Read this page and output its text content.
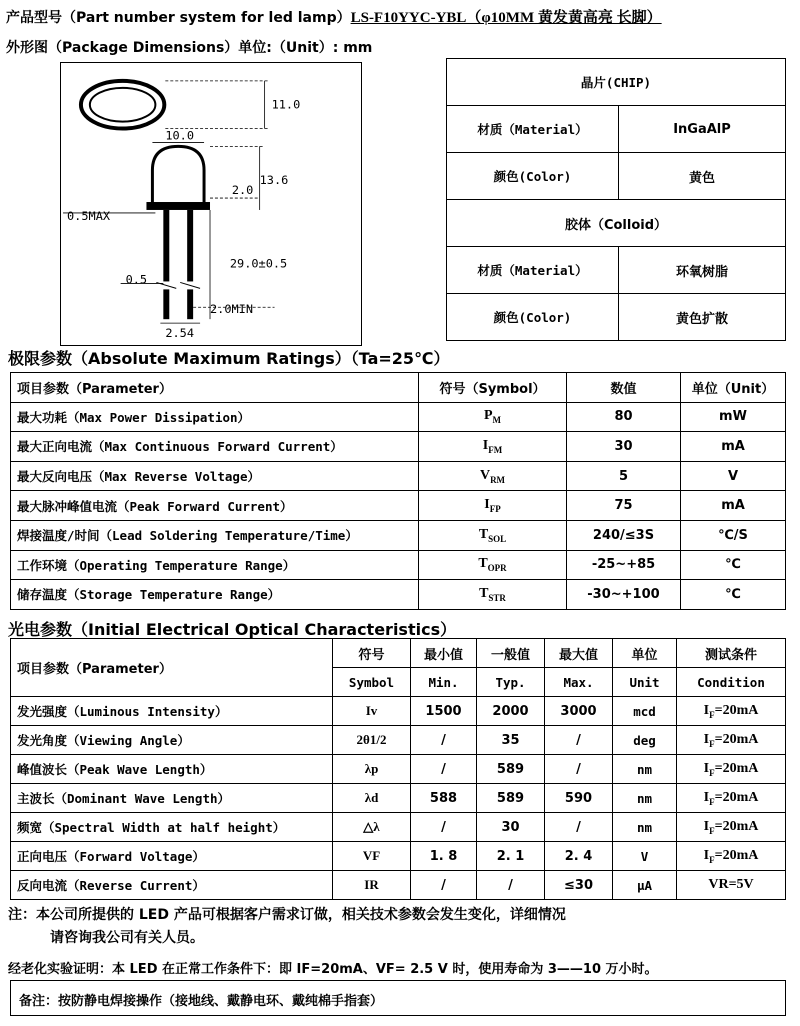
产品型号（Part number system for led lamp）LS-F10YYC-YBL（φ10MM 黄发黄高亮 长脚）
外形图（Package Dimensions）单位:（Unit）: mm
11.0
10.0
13.6
2.0
0.5MAX
29.0±0.5
0.5
2.0MIN
2.54
晶片(CHIP)	
材质（Material）	InGaAlP
颜色(Color)	黄色
胶体（Colloid）	
材质（Material）	环氧树脂
颜色(Color)	黄色扩散
极限参数（Absolute Maximum Ratings）（Ta=25℃）
项目参数（Parameter）	符号（Symbol）	数值	单位（Unit）
最大功耗（Max Power Dissipation）	$P_M$	80	mW
最大正向电流（Max Continuous Forward Current）	$I_{FM}$	30	mA
最大反向电压（Max Reverse Voltage）	$V_{RM}$	5	V
最大脉冲峰值电流（Peak Forward Current）	$I_{FP}$	75	mA
焊接温度/时间（Lead Soldering Temperature/Time）	$T_{SOL}$	240/≤3S	℃/S
工作环境（Operating Temperature Range）	$T_{OPR}$	-25~+85	℃
储存温度（Storage Temperature Range）	$T_{STR}$	-30~+100	℃
光电参数（Initial Electrical Optical Characteristics）
项目参数（Parameter）	符号	最小值	一般值	最大值	单位	测试条件
	Symbol	Min.	Typ.	Max.	Unit	Condition
发光强度（Luminous Intensity）	Iv	1500	2000	3000	mcd	$I_F=20mA$
发光角度（Viewing Angle）	2θ1/2	/	35	/	deg	$I_F=20mA$
峰值波长（Peak Wave Length）	λp	/	589	/	nm	$I_F=20mA$
主波长（Dominant Wave Length）	λd	588	589	590	nm	$I_F=20mA$
频宽（Spectral Width at half height）	△λ	/	30	/	nm	$I_F=20mA$
正向电压（Forward Voltage）	VF	1. 8	2. 1	2. 4	V	$I_F=20mA$
反向电流（Reverse Current）	IR	/	/	≤30	μA	VR=5V
注：本公司所提供的 LED 产品可根据客户需求订做，相关技术参数会发生变化，详细情况
请咨询我公司有关人员。
经老化实验证明：本 LED 在正常工作条件下：即 IF=20mA、VF= 2.5 V 时，使用寿命为 3——10 万小时。
备注：按防静电焊接操作（接地线、戴静电环、戴纯棉手指套）
